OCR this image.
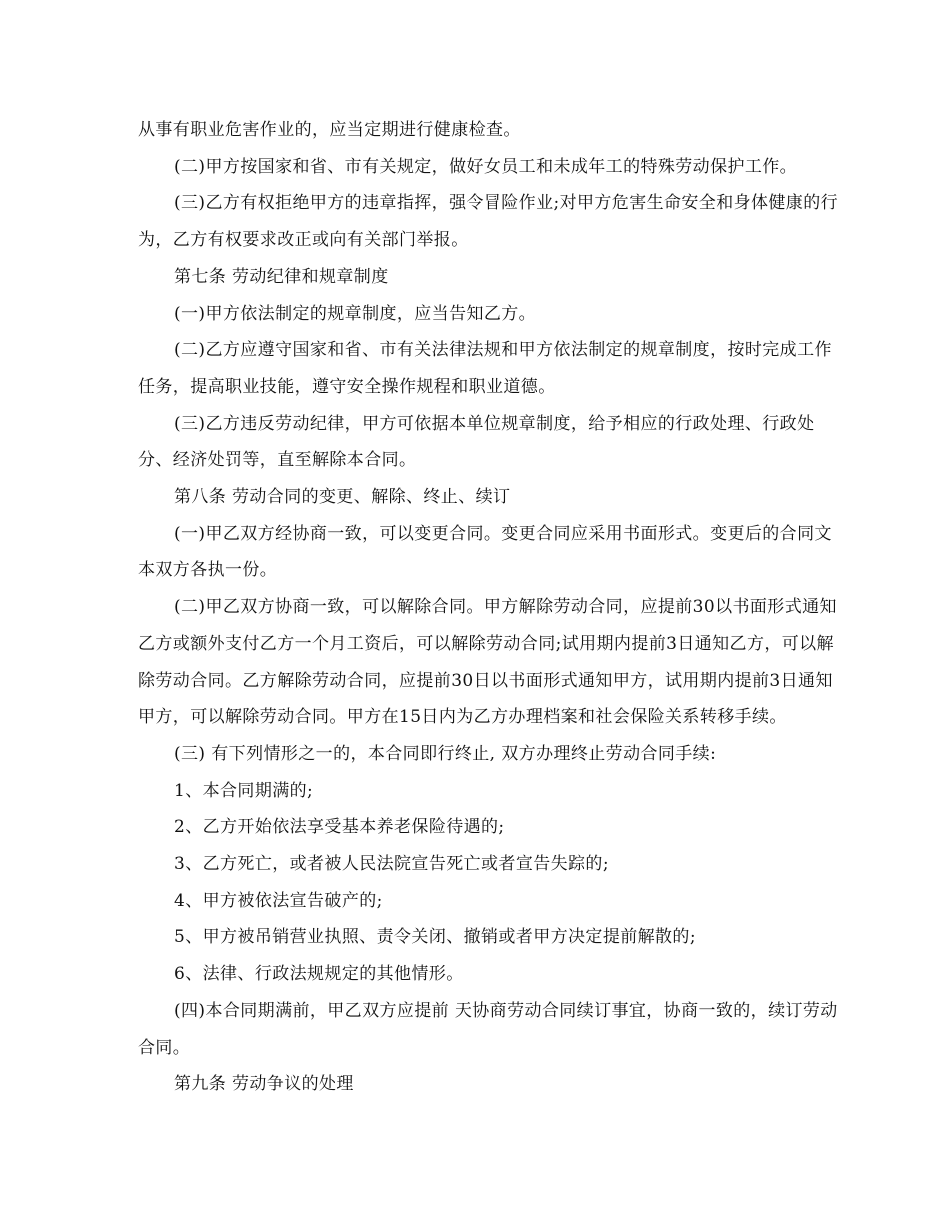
从事有职业危害作业的，应当定期进行健康检查。

(二)甲方按国家和省、市有关规定，做好女员工和未成年工的特殊劳动保护工作。

(三)乙方有权拒绝甲方的违章指挥，强令冒险作业;对甲方危害生命安全和身体健康的行为，乙方有权要求改正或向有关部门举报。

第七条 劳动纪律和规章制度

(一)甲方依法制定的规章制度，应当告知乙方。

(二)乙方应遵守国家和省、市有关法律法规和甲方依法制定的规章制度，按时完成工作任务，提高职业技能，遵守安全操作规程和职业道德。

(三)乙方违反劳动纪律，甲方可依据本单位规章制度，给予相应的行政处理、行政处分、经济处罚等，直至解除本合同。

第八条 劳动合同的变更、解除、终止、续订

(一)甲乙双方经协商一致，可以变更合同。变更合同应采用书面形式。变更后的合同文本双方各执一份。

(二)甲乙双方协商一致，可以解除合同。甲方解除劳动合同，应提前30以书面形式通知乙方或额外支付乙方一个月工资后，可以解除劳动合同;试用期内提前3日通知乙方，可以解除劳动合同。乙方解除劳动合同，应提前30日以书面形式通知甲方，试用期内提前3日通知甲方，可以解除劳动合同。甲方在15日内为乙方办理档案和社会保险关系转移手续。

(三) 有下列情形之一的，本合同即行终止, 双方办理终止劳动合同手续:

1、本合同期满的;

2、乙方开始依法享受基本养老保险待遇的;

3、乙方死亡，或者被人民法院宣告死亡或者宣告失踪的;

4、甲方被依法宣告破产的;

5、甲方被吊销营业执照、责令关闭、撤销或者甲方决定提前解散的;

6、法律、行政法规规定的其他情形。

(四)本合同期满前，甲乙双方应提前 天协商劳动合同续订事宜，协商一致的，续订劳动合同。

第九条 劳动争议的处理
